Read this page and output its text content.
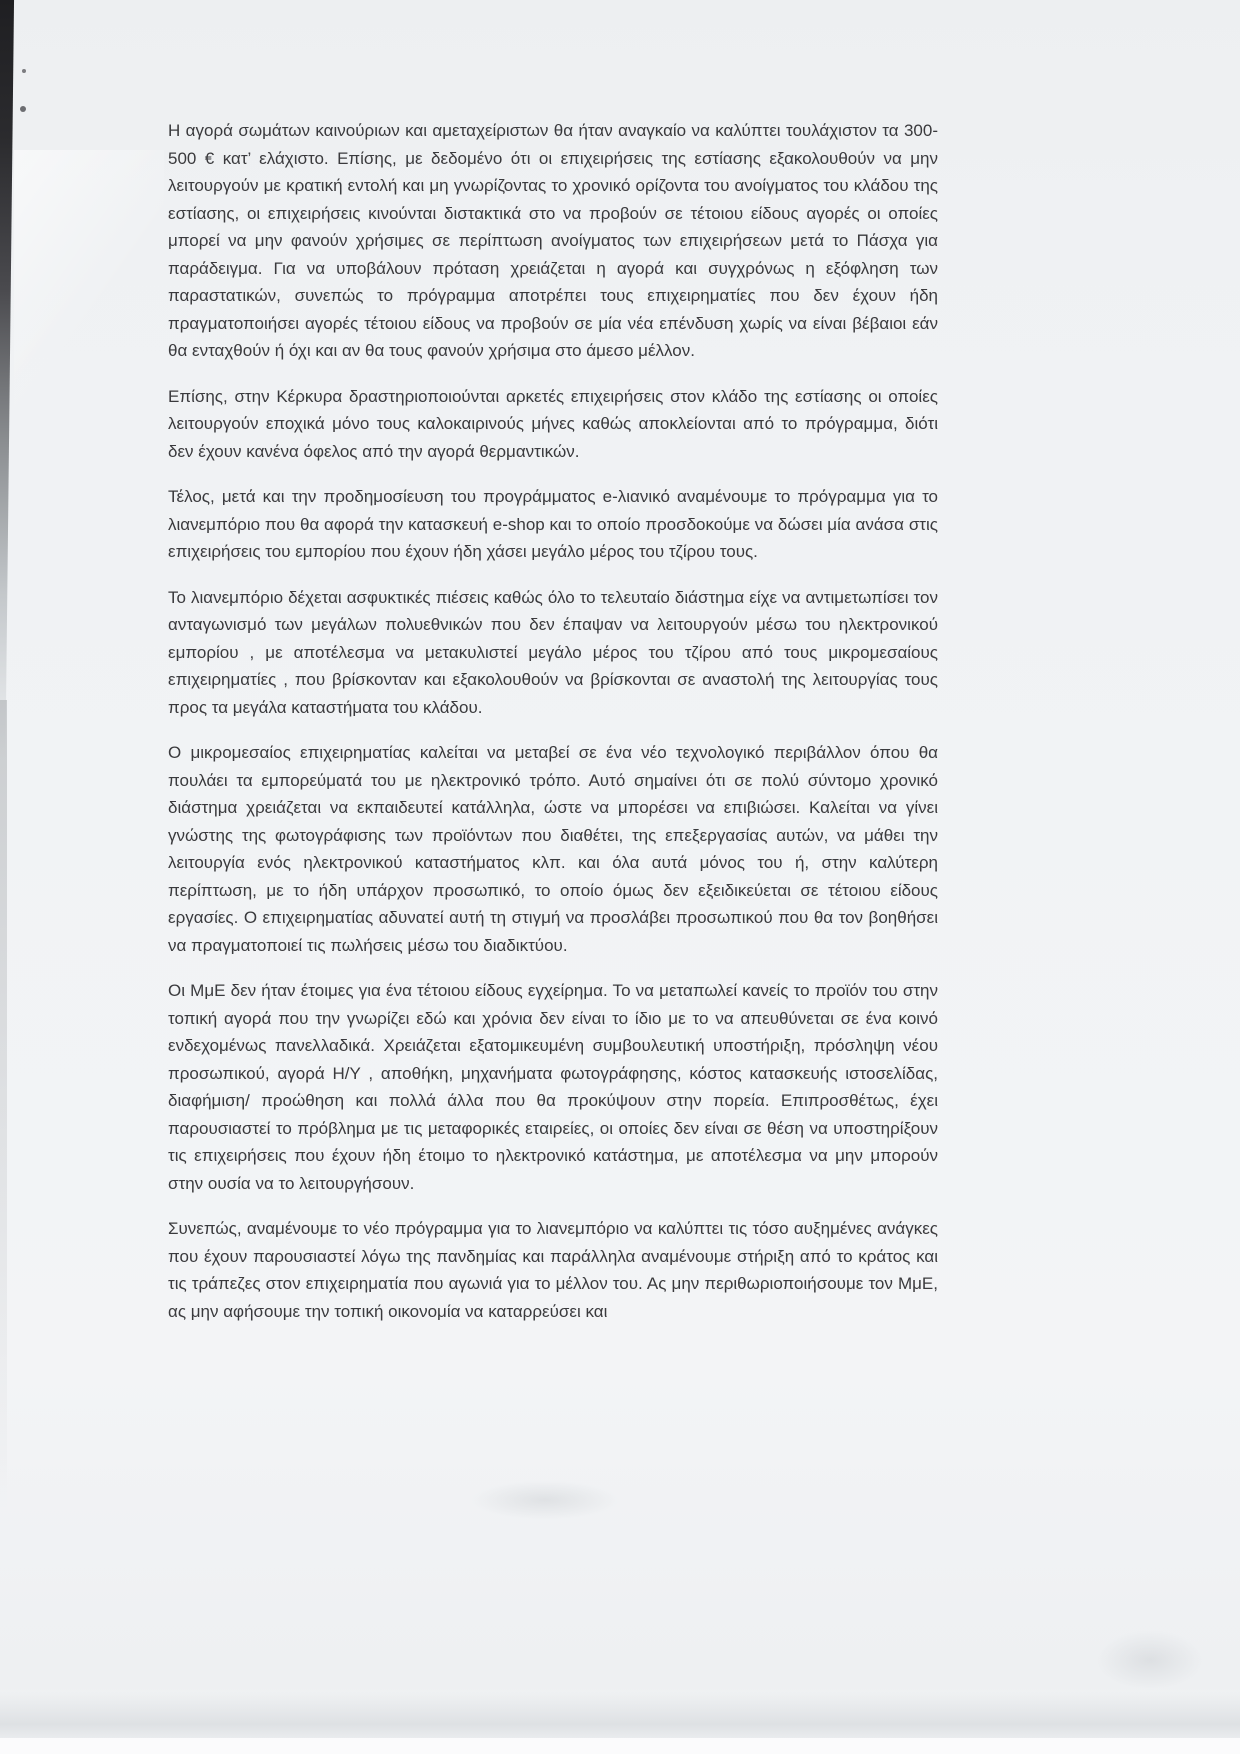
Η αγορά σωμάτων καινούριων και αμεταχείριστων θα ήταν αναγκαίο να καλύπτει τουλάχιστον τα 300-500 € κατ’ ελάχιστο. Επίσης, με δεδομένο ότι οι επιχειρήσεις της εστίασης εξακολουθούν να μην λειτουργούν με κρατική εντολή και μη γνωρίζοντας το χρονικό ορίζοντα του ανοίγματος του κλάδου της εστίασης, οι επιχειρήσεις κινούνται διστακτικά στο να προβούν σε τέτοιου είδους αγορές οι οποίες μπορεί να μην φανούν χρήσιμες σε περίπτωση ανοίγματος των επιχειρήσεων μετά το Πάσχα για παράδειγμα. Για να υποβάλουν πρόταση χρειάζεται η αγορά και συγχρόνως η εξόφληση των παραστατικών, συνεπώς το πρόγραμμα αποτρέπει τους επιχειρηματίες που δεν έχουν ήδη πραγματοποιήσει αγορές τέτοιου είδους να προβούν σε μία νέα επένδυση χωρίς να είναι βέβαιοι εάν θα ενταχθούν ή όχι και αν θα τους φανούν χρήσιμα στο άμεσο μέλλον.

Επίσης, στην Κέρκυρα δραστηριοποιούνται αρκετές επιχειρήσεις στον κλάδο της εστίασης οι οποίες λειτουργούν εποχικά μόνο τους καλοκαιρινούς μήνες καθώς αποκλείονται από το πρόγραμμα, διότι δεν έχουν κανένα όφελος από την αγορά θερμαντικών.

Τέλος, μετά και την προδημοσίευση του προγράμματος e-λιανικό αναμένουμε το πρόγραμμα για το λιανεμπόριο που θα αφορά την κατασκευή e-shop και το οποίο προσδοκούμε να δώσει μία ανάσα στις επιχειρήσεις του εμπορίου που έχουν ήδη χάσει μεγάλο μέρος του τζίρου τους.

Το λιανεμπόριο δέχεται ασφυκτικές πιέσεις καθώς όλο το τελευταίο διάστημα είχε να αντιμετωπίσει τον ανταγωνισμό των μεγάλων πολυεθνικών που δεν έπαψαν να λειτουργούν μέσω του ηλεκτρονικού εμπορίου , με αποτέλεσμα να μετακυλιστεί μεγάλο μέρος του τζίρου από τους μικρομεσαίους επιχειρηματίες , που βρίσκονταν και εξακολουθούν να βρίσκονται σε αναστολή της λειτουργίας τους προς τα μεγάλα καταστήματα του κλάδου.

Ο μικρομεσαίος επιχειρηματίας καλείται να μεταβεί σε ένα νέο τεχνολογικό περιβάλλον όπου θα πουλάει τα εμπορεύματά του με ηλεκτρονικό τρόπο. Αυτό σημαίνει ότι σε πολύ σύντομο χρονικό διάστημα χρειάζεται να εκπαιδευτεί κατάλληλα, ώστε να μπορέσει να επιβιώσει. Καλείται να γίνει γνώστης της φωτογράφισης των προϊόντων που διαθέτει, της επεξεργασίας αυτών, να μάθει την λειτουργία ενός ηλεκτρονικού καταστήματος κλπ. και όλα αυτά μόνος του ή, στην καλύτερη περίπτωση, με το ήδη υπάρχον προσωπικό, το οποίο όμως δεν εξειδικεύεται σε τέτοιου είδους εργασίες. Ο επιχειρηματίας αδυνατεί αυτή τη στιγμή να προσλάβει προσωπικού που θα τον βοηθήσει να πραγματοποιεί τις πωλήσεις μέσω του διαδικτύου.

Οι ΜμΕ δεν ήταν έτοιμες για ένα τέτοιου είδους εγχείρημα. Το να μεταπωλεί κανείς το προϊόν του στην τοπική αγορά που την γνωρίζει εδώ και χρόνια δεν είναι το ίδιο με το να απευθύνεται σε ένα κοινό ενδεχομένως πανελλαδικά. Χρειάζεται εξατομικευμένη συμβουλευτική υποστήριξη, πρόσληψη νέου προσωπικού, αγορά Η/Υ , αποθήκη, μηχανήματα φωτογράφησης, κόστος κατασκευής ιστοσελίδας, διαφήμιση/ προώθηση και πολλά άλλα που θα προκύψουν στην πορεία. Επιπροσθέτως, έχει παρουσιαστεί το πρόβλημα με τις μεταφορικές εταιρείες, οι οποίες δεν είναι σε θέση να υποστηρίξουν τις επιχειρήσεις που έχουν ήδη έτοιμο το ηλεκτρονικό κατάστημα, με αποτέλεσμα να μην μπορούν στην ουσία να το λειτουργήσουν.

Συνεπώς, αναμένουμε το νέο πρόγραμμα για το λιανεμπόριο να καλύπτει τις τόσο αυξημένες ανάγκες που έχουν παρουσιαστεί λόγω της πανδημίας και παράλληλα αναμένουμε στήριξη από το κράτος και τις τράπεζες στον επιχειρηματία που αγωνιά για το μέλλον του. Ας μην περιθωριοποιήσουμε τον ΜμΕ, ας μην αφήσουμε την τοπική οικονομία να καταρρεύσει και
